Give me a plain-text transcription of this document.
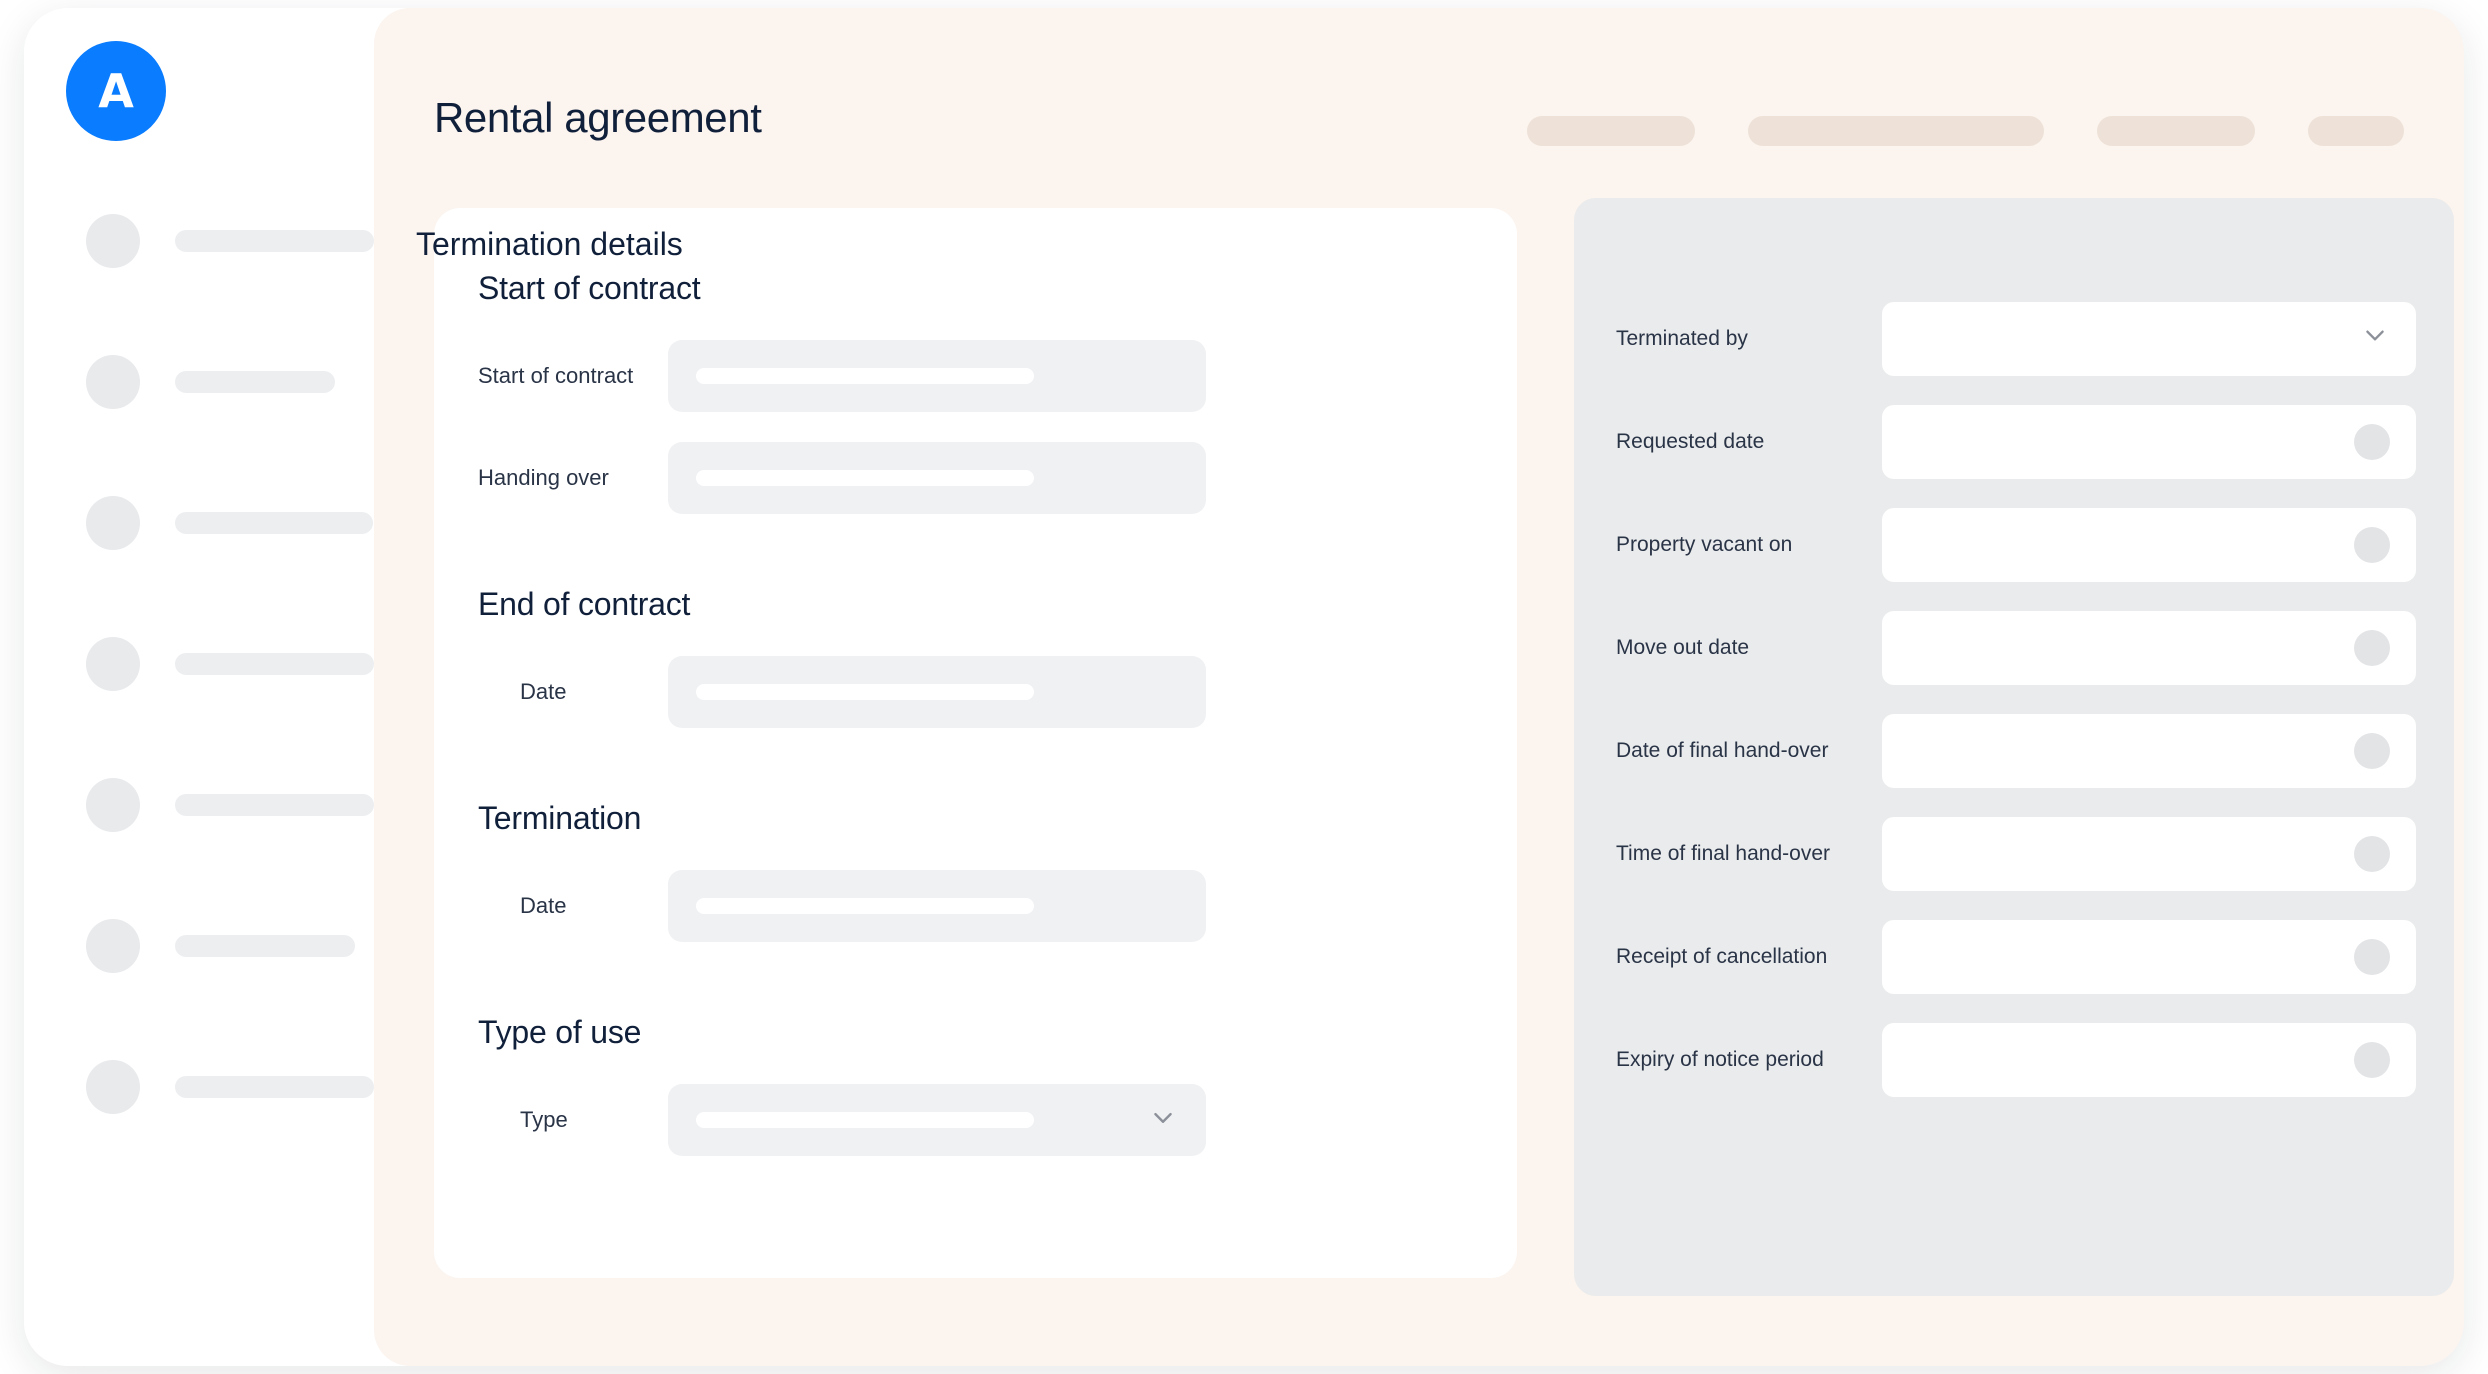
A	Rental agreement
Start of contract
Start of contract
Handing over
End of contract
Date
Termination
Date
Type of use
Type
Termination details
Terminated by
Requested date
Property vacant on
Move out date
Date of final hand-over
Time of final hand-over
Receipt of cancellation
Expiry of notice period
